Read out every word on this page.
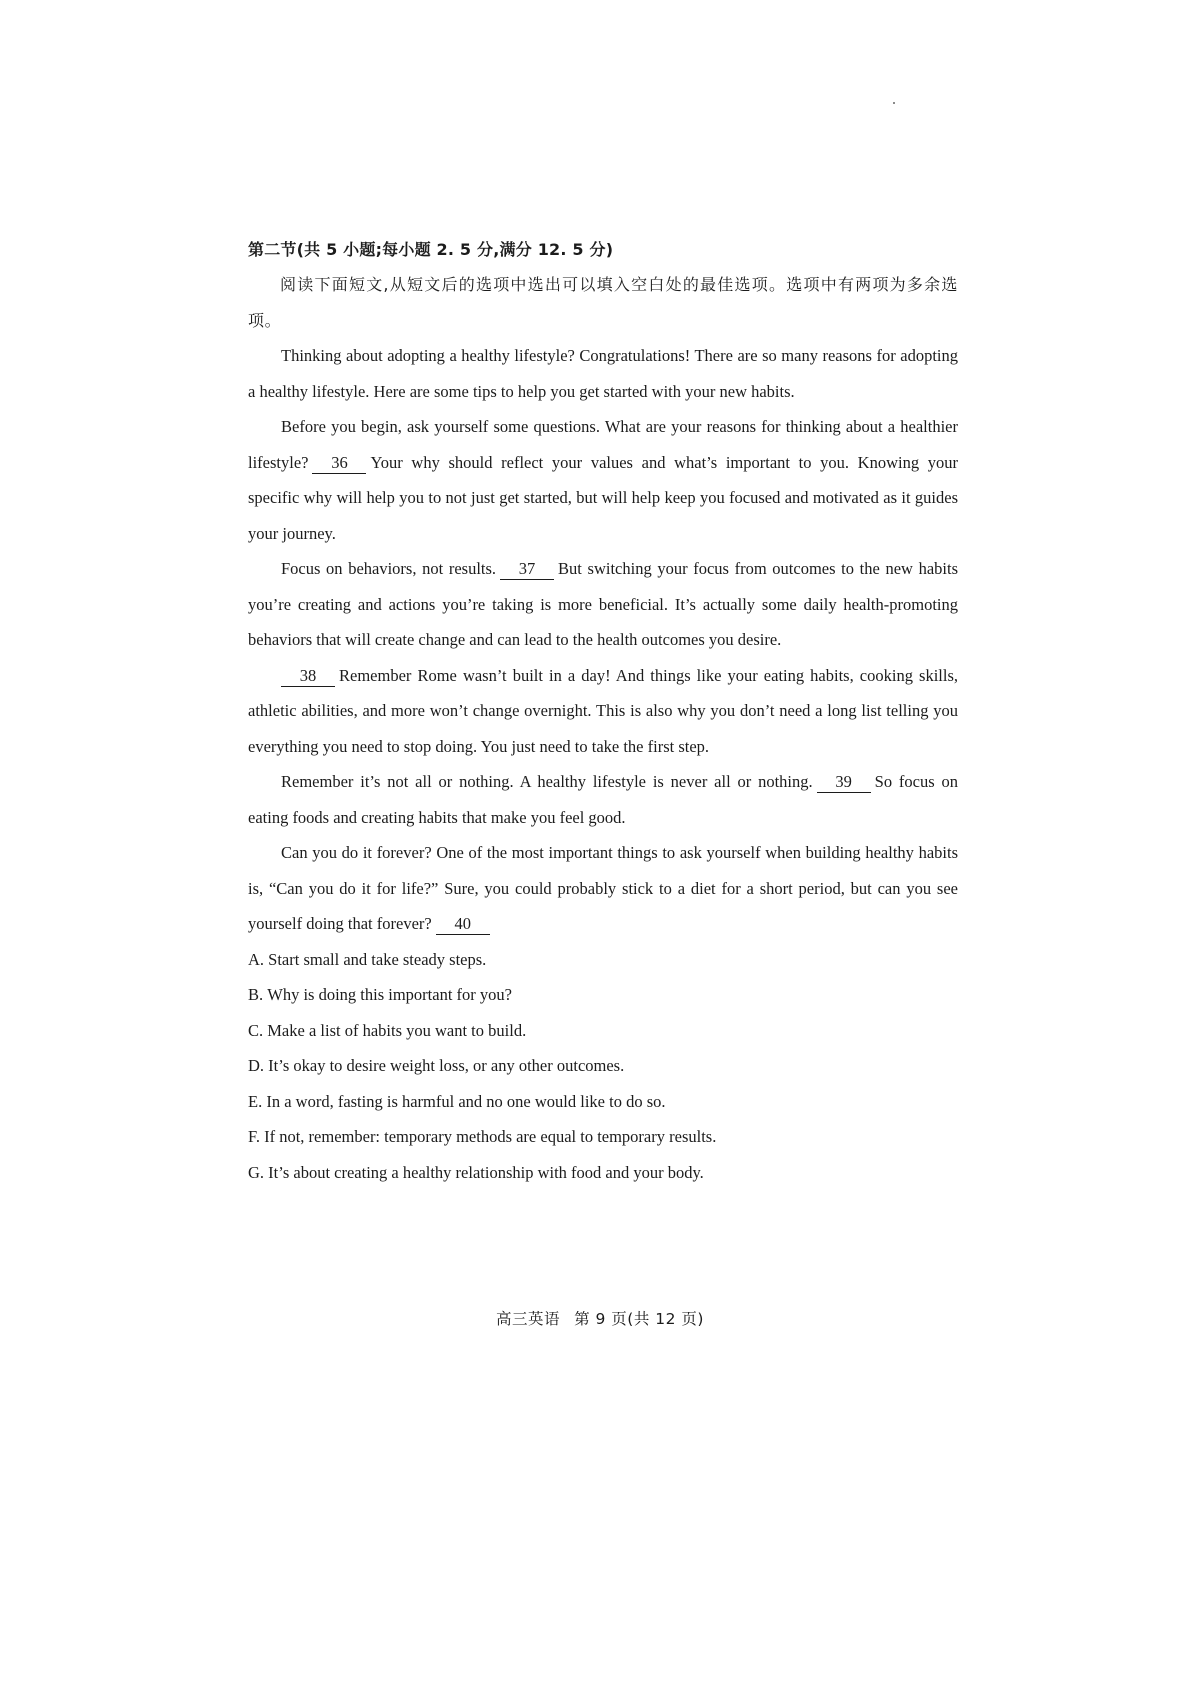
第二节(共 5 小题;每小题 2. 5 分,满分 12. 5 分)
阅读下面短文,从短文后的选项中选出可以填入空白处的最佳选项。选项中有两项为多余选项。

Thinking about adopting a healthy lifestyle? Congratulations! There are so many reasons for adopting a healthy lifestyle. Here are some tips to help you get started with your new habits.

Before you begin, ask yourself some questions. What are your reasons for thinking about a healthier lifestyle? 36 Your why should reflect your values and what’s important to you. Knowing your specific why will help you to not just get started, but will help keep you focused and motivated as it guides your journey.

Focus on behaviors, not results. 37 But switching your focus from outcomes to the new habits you’re creating and actions you’re taking is more beneficial. It’s actually some daily health-promoting behaviors that will create change and can lead to the health outcomes you desire.

38 Remember Rome wasn’t built in a day! And things like your eating habits, cooking skills, athletic abilities, and more won’t change overnight. This is also why you don’t need a long list telling you everything you need to stop doing. You just need to take the first step.

Remember it’s not all or nothing. A healthy lifestyle is never all or nothing. 39 So focus on eating foods and creating habits that make you feel good.

Can you do it forever? One of the most important things to ask yourself when building healthy habits is, “Can you do it for life?” Sure, you could probably stick to a diet for a short period, but can you see yourself doing that forever? 40

A.
Start small and take steady steps.
B.
Why is doing this important for you?
C.
Make a list of habits you want to build.
D.
It’s okay to desire weight loss, or any other outcomes.
E.
In a word, fasting is harmful and no one would like to do so.
F.
If not, remember: temporary methods are equal to temporary results.
G.
It’s about creating a healthy relationship with food and your body.
高三英语 第 9 页(共 12 页)
